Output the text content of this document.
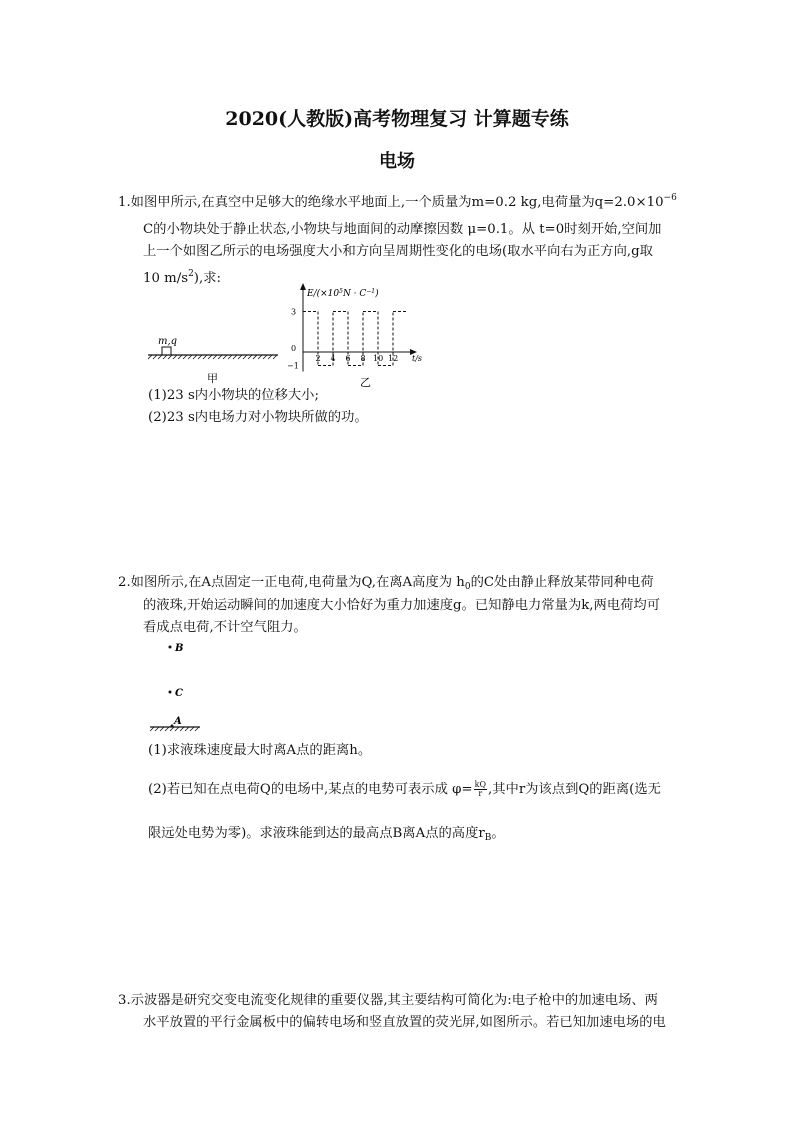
2020(人教版)高考物理复习 计算题专练
电场
1.如图甲所示,在真空中足够大的绝缘水平地面上,一个质量为m=0.2 kg,电荷量为$q=2.0\times 10^{-6}$
C的小物块处于静止状态,小物块与地面间的动摩擦因数 μ=0.1。从 t=0时刻开始,空间加
上一个如图乙所示的电场强度大小和方向呈周期性变化的电场(取水平向右为正方向,g取
10 $m/s^2$),求:
m,q
甲
$E/(\times 10^5N \cdot C^{-1})$
2 4 6 8 10 12
3
0
−1
t/s
乙
(1)23 s内小物块的位移大小;
(2)23 s内电场力对小物块所做的功。
2.如图所示,在A点固定一正电荷,电荷量为Q,在离A高度为 $h_0$的C处由静止释放某带同种电荷
的液珠,开始运动瞬间的加速度大小恰好为重力加速度g。已知静电力常量为k,两电荷均可
看成点电荷,不计空气阻力。
B
C
A
(1)求液珠速度最大时离A点的距离h。
(2)若已知在点电荷Q的电场中,某点的电势可表示成 $\varphi= \frac{kQ}{r}$ ,其中r为该点到Q的距离(选无
限远处电势为零)。求液珠能到达的最高点B离A点的高度$r_B$。
3.示波器是研究交变电流变化规律的重要仪器,其主要结构可简化为:电子枪中的加速电场、两
水平放置的平行金属板中的偏转电场和竖直放置的荧光屏,如图所示。若已知加速电场的电
